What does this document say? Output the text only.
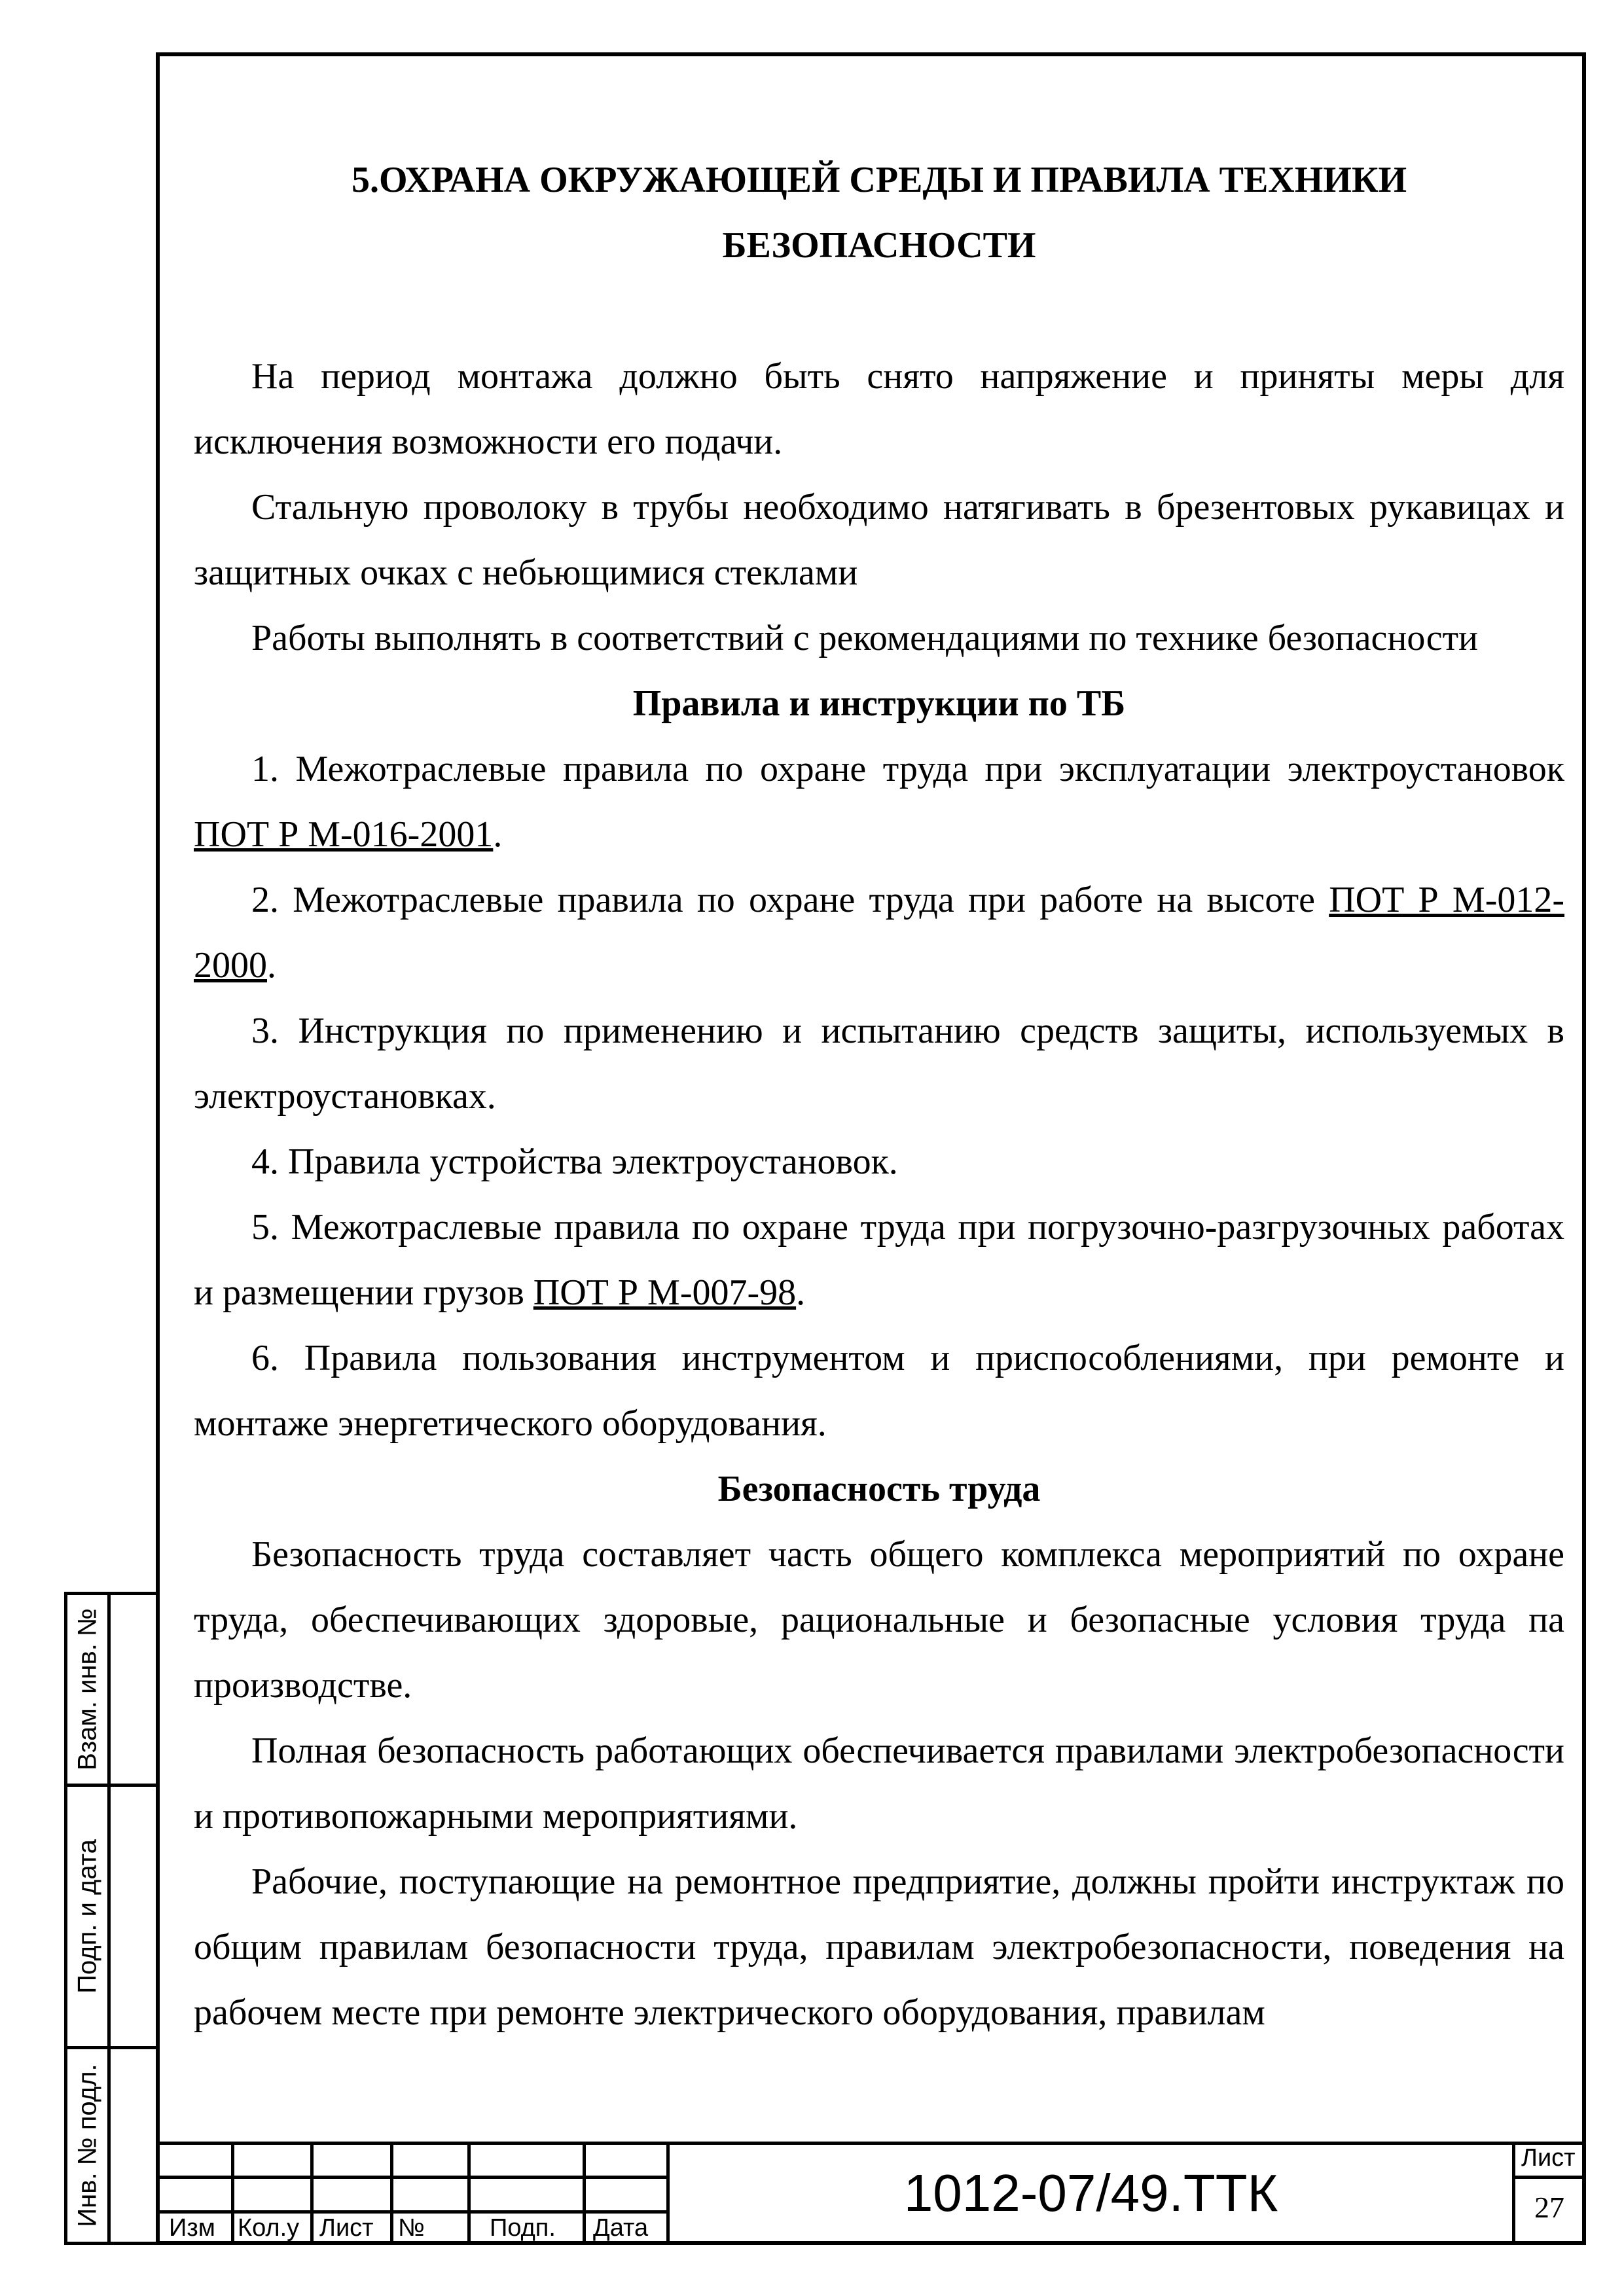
5.ОХРАНА ОКРУЖАЮЩЕЙ СРЕДЫ И ПРАВИЛА ТЕХНИКИ
БЕЗОПАСНОСТИ

На период монтажа должно быть снято напряжение и приняты меры для исключения возможности его подачи.

Стальную проволоку в трубы необходимо натягивать в брезентовых рукавицах и защитных очках с небьющимися стеклами

Работы выполнять в соответствий с рекомендациями по технике безопасности

Правила и инструкции по ТБ

1. Межотраслевые правила по охране труда при эксплуатации электроустановок ПОТ Р М-016-2001.

2. Межотраслевые правила по охране труда при работе на высоте ПОТ Р М-012-2000.

3. Инструкция по применению и испытанию средств защиты, используемых в электроустановках.

4. Правила устройства электроустановок.

5. Межотраслевые правила по охране труда при погрузочно-разгрузочных работах и размещении грузов ПОТ Р М-007-98.

6. Правила пользования инструментом и приспособлениями, при ремонте и монтаже энергетического оборудования.

Безопасность труда

Безопасность труда составляет часть общего комплекса мероприятий по охране труда, обеспечивающих здоровые, рациональные и безопасные условия труда па производстве.

Полная безопасность работающих обеспечивается правилами электробезопасности и противопожарными мероприятиями.

Рабочие, поступающие на ремонтное предприятие, должны пройти инструктаж по общим правилам безопасности труда, правилам электробезопасности, поведения на рабочем месте при ремонте электрического оборудования, правилам

Взам. инв. №
Подп. и дата
Инв. № подл.
Изм Кол.у Лист №	Подп. Дата
1012-07/49.ТТК
Лист
27
